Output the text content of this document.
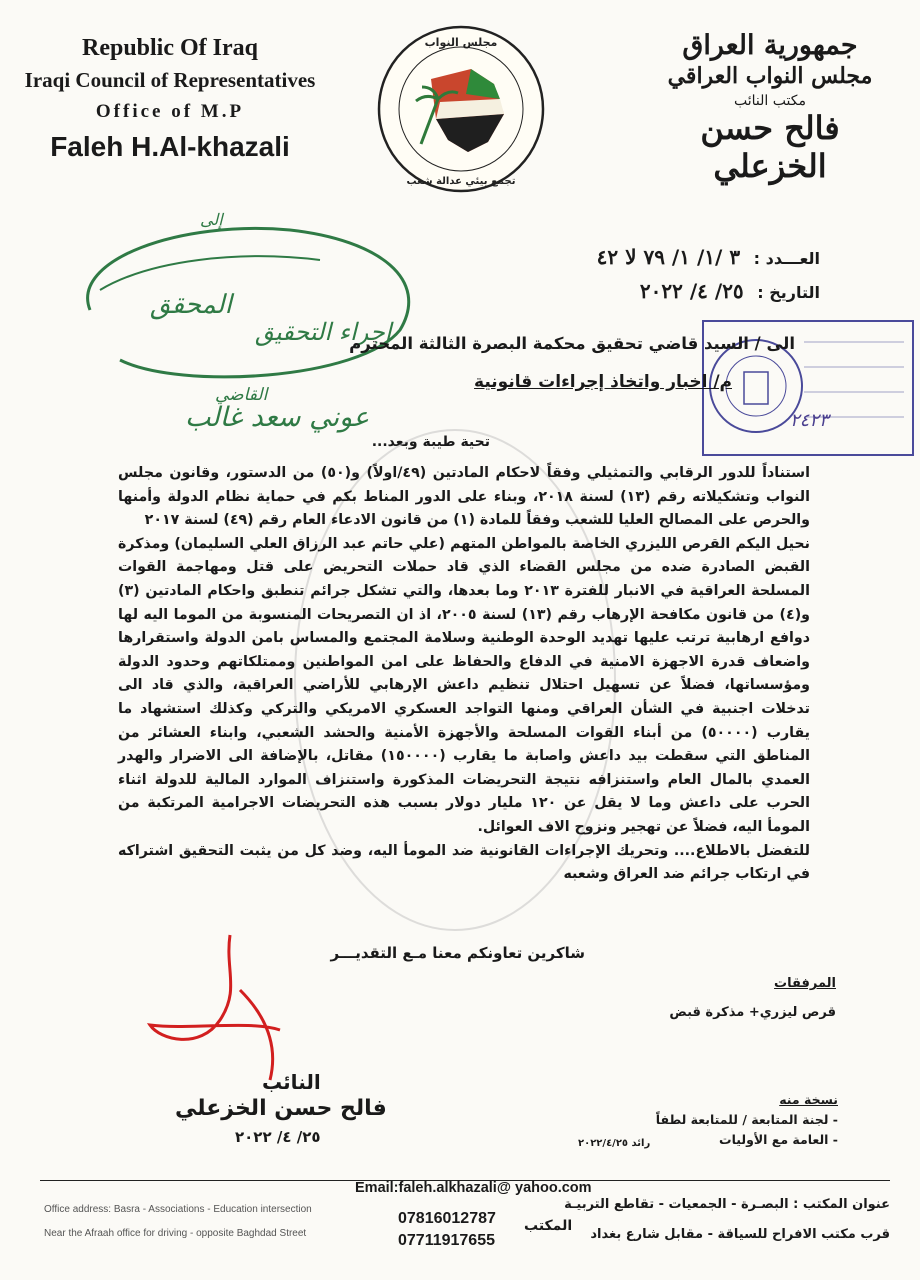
Republic Of Iraq
Iraqi Council of Representatives
Office of M.P
Faleh H.Al-khazali
مجلس النواب
تجمع بيئي عدالة شعب
جمهورية العراق
مجلس النواب العراقي
مكتب النائب
فالح حسن الخزعلي
إلى
المحقق
إجراء التحقيق
القاضي
عوني سعد غالب
العـــدد : ٣ /١/ ١/ ٧٩ لا ٤٢
التاريخ : ٢٥/ ٤/ ٢٠٢٢
٢٤٢٣
الى / السيد قاضي تحقيق محكمة البصرة الثالثة المحترم
م/ اخبار واتخاذ إجراءات قانونية
تحية طيبة وبعد...

استناداً للدور الرقابي والتمثيلي وفقاً لاحكام المادتين (٤٩/اولاً) و(٥٠) من الدستور، وقانون مجلس النواب وتشكيلاته رقم (١٣) لسنة ٢٠١٨، وبناء على الدور المناط بكم في حماية نظام الدولة وأمنها والحرص على المصالح العليا للشعب وفقاً للمادة (١) من قانون الادعاء العام رقم (٤٩) لسنة ٢٠١٧

نحيل اليكم القرص الليزري الخاصة بالمواطن المتهم (علي حاتم عبد الرزاق العلي السليمان) ومذكرة القبض الصادرة ضده من مجلس القضاء الذي قاد حملات التحريض على قتل ومهاجمة القوات المسلحة العراقية في الانبار للفترة ٢٠١٣ وما بعدها، والتي تشكل جرائم تنطبق واحكام المادتين (٣) و(٤) من قانون مكافحة الإرهاب رقم (١٣) لسنة ٢٠٠٥، اذ ان التصريحات المنسوبة من الموما اليه لها دوافع ارهابية ترتب عليها تهديد الوحدة الوطنية وسلامة المجتمع والمساس بامن الدولة واستقرارها واضعاف قدرة الاجهزة الامنية في الدفاع والحفاظ على امن المواطنين وممتلكاتهم وحدود الدولة ومؤسساتها، فضلاً عن تسهيل احتلال تنظيم داعش الإرهابي للأراضي العراقية، والذي قاد الى تدخلات اجنبية في الشأن العراقي ومنها التواجد العسكري الامريكي والتركي وكذلك استشهاد ما يقارب (٥٠٠٠٠) من أبناء القوات المسلحة والأجهزة الأمنية والحشد الشعبي، وابناء العشائر من المناطق التي سقطت بيد داعش واصابة ما يقارب (١٥٠٠٠٠) مقاتل، بالإضافة الى الاضرار والهدر العمدي بالمال العام واستنزافه نتيجة التحريضات المذكورة واستنزاف الموارد المالية للدولة اثناء الحرب على داعش وما لا يقل عن ١٢٠ مليار دولار بسبب هذه التحريضات الاجرامية المرتكبة من المومأ اليه، فضلاً عن تهجير ونزوح الاف العوائل.

للتفضل بالاطلاع.... وتحريك الإجراءات القانونية ضد المومأ اليه، وضد كل من يثبت التحقيق اشتراكه في ارتكاب جرائم ضد العراق وشعبه

شاكرين تعاونكم معنا مـع التقديـــر
المرفقات
قرص ليزري+ مذكرة قبض
النائب
فالح حسن الخزعلي
٢٥/ ٤/ ٢٠٢٢
نسخة منه
- لجنة المتابعة / للمتابعة لطفاً
- العامة مع الأوليات
رائد ٢٠٢٢/٤/٢٥
Email:faleh.alkhazali@ yahoo.com
Office address: Basra - Associations - Education intersection
Near the Afraah office for driving - opposite Baghdad Street
07816012787
07711917655
المكتب
عنوان المكتب : البصـرة - الجمعيات - تقاطع التربيـة
قرب مكتب الافراح للسياقة - مقابل شارع بغداد
